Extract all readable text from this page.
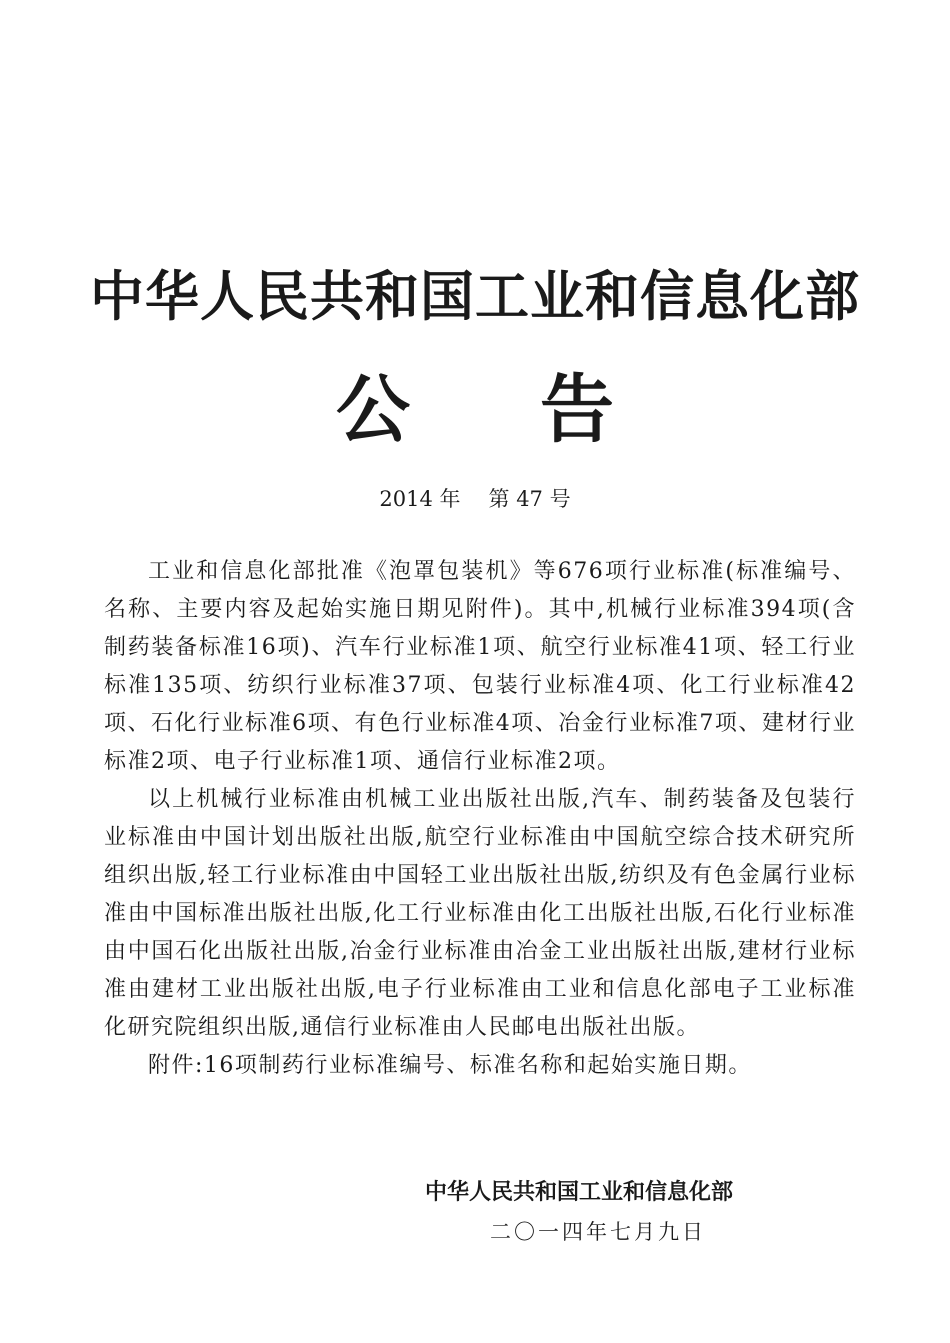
中华人民共和国工业和信息化部
公 告
2014 年 第 47 号

工业和信息化部批准《泡罩包装机》等676项行业标准(标准编号、名称、主要内容及起始实施日期见附件)。其中,机械行业标准394项(含制药装备标准16项)、汽车行业标准1项、航空行业标准41项、轻工行业标准135项、纺织行业标准37项、包装行业标准4项、化工行业标准42项、石化行业标准6项、有色行业标准4项、冶金行业标准7项、建材行业标准2项、电子行业标准1项、通信行业标准2项。

以上机械行业标准由机械工业出版社出版,汽车、制药装备及包装行业标准由中国计划出版社出版,航空行业标准由中国航空综合技术研究所组织出版,轻工行业标准由中国轻工业出版社出版,纺织及有色金属行业标准由中国标准出版社出版,化工行业标准由化工出版社出版,石化行业标准由中国石化出版社出版,冶金行业标准由冶金工业出版社出版,建材行业标准由建材工业出版社出版,电子行业标准由工业和信息化部电子工业标准化研究院组织出版,通信行业标准由人民邮电出版社出版。

附件:16项制药行业标准编号、标准名称和起始实施日期。

中华人民共和国工业和信息化部
二〇一四年七月九日
